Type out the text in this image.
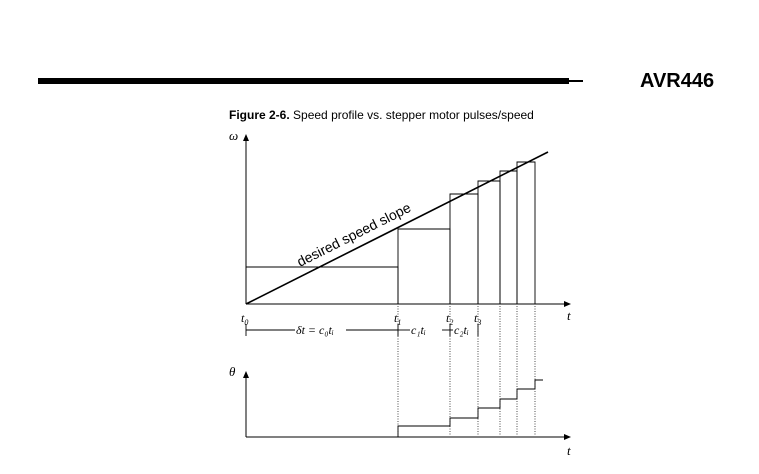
AVR446
Figure 2-6. Speed profile vs. stepper motor pulses/speed
ω
t
desired speed slope
$t_0$	$t_1$	$t_2$ $t_3$
δt = c₀tᵢ	c₁tᵢ c₂tᵢ
θ
t
